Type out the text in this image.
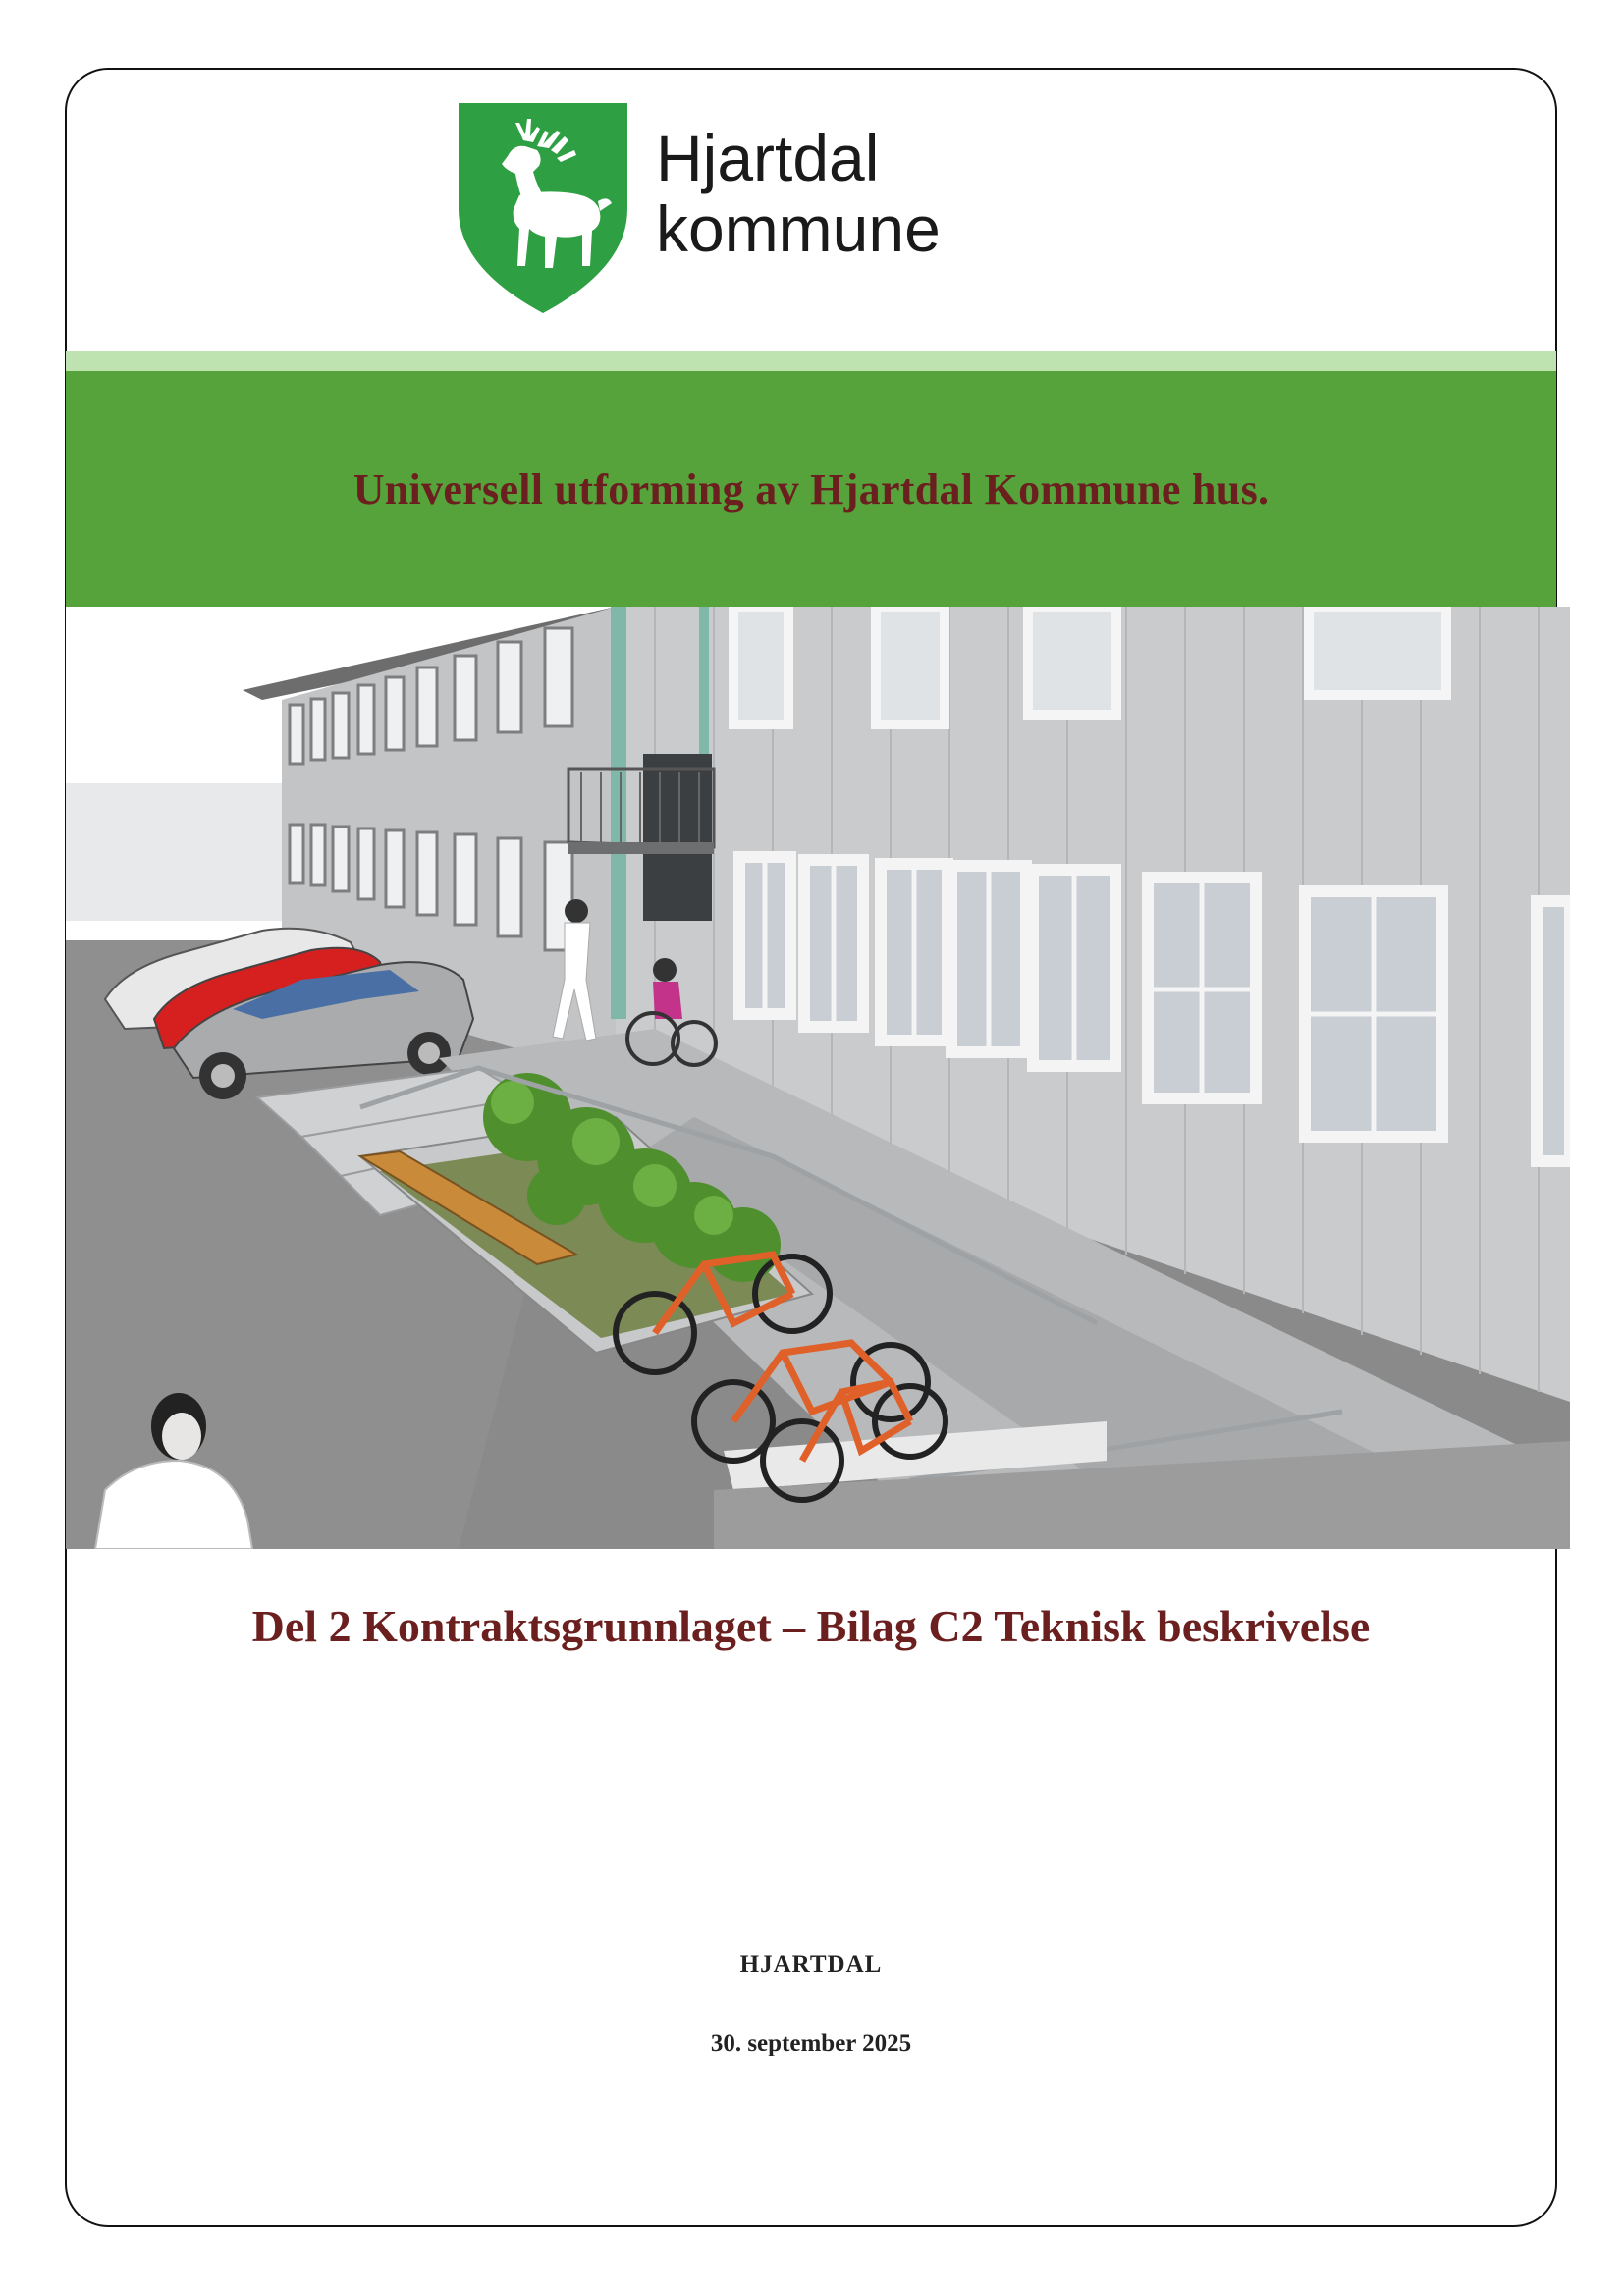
Hjartdal
kommune
Universell utforming av Hjartdal Kommune hus.
Del 2 Kontraktsgrunnlaget – Bilag C2 Teknisk beskrivelse
HJARTDAL
30. september 2025
